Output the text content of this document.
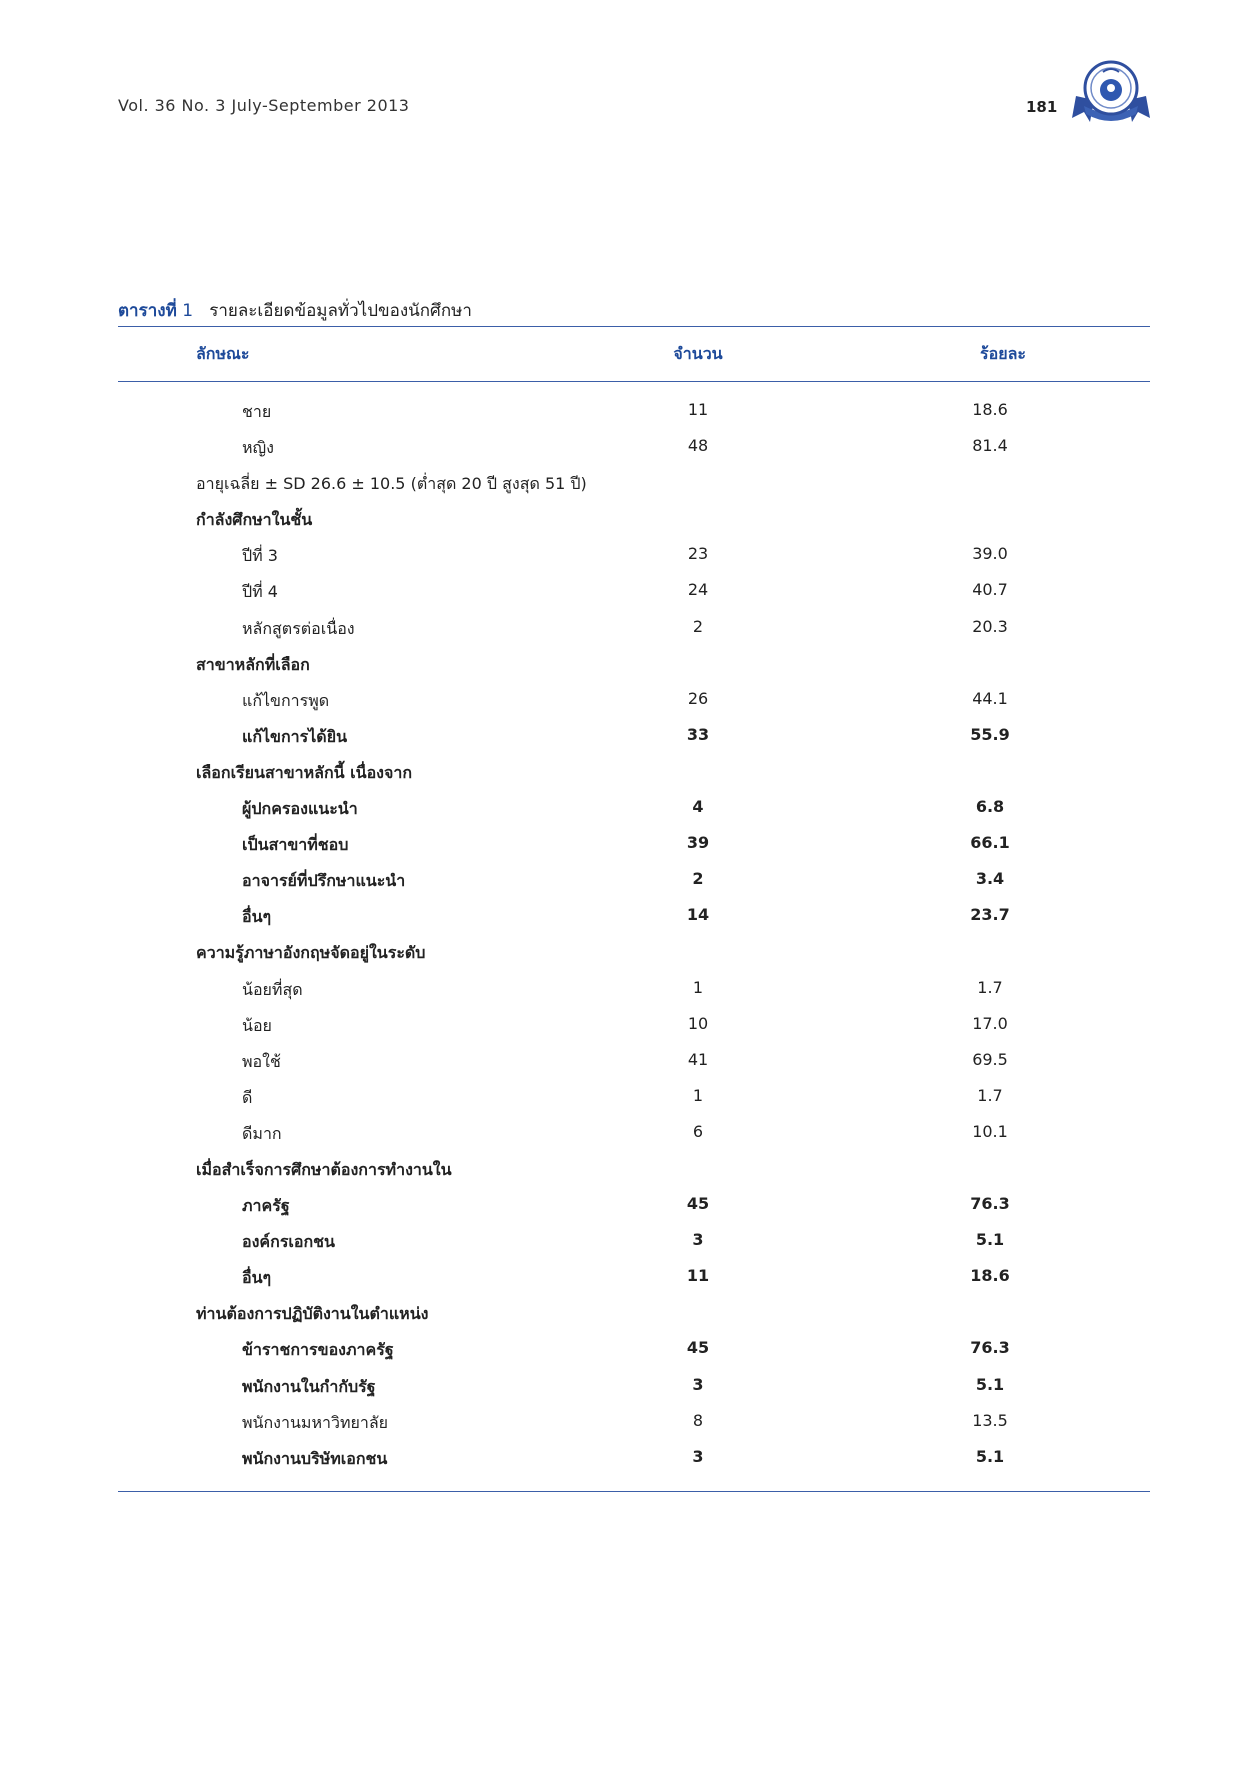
Vol. 36 No. 3 July-September 2013	181
ตารางที่ 1 รายละเอียดข้อมูลทั่วไปของนักศึกษา
ลักษณะ	จำนวน	ร้อยละ
ชาย	11	18.6
หญิง	48	81.4
อายุเฉลี่ย ± SD 26.6 ± 10.5 (ต่ำสุด 20 ปี สูงสุด 51 ปี)
กำลังศึกษาในชั้น
ปีที่ 3	23	39.0
ปีที่ 4	24	40.7
หลักสูตรต่อเนื่อง	2	20.3
สาขาหลักที่เลือก
แก้ไขการพูด	26	44.1
แก้ไขการได้ยิน	33	55.9
เลือกเรียนสาขาหลักนี้ เนื่องจาก
ผู้ปกครองแนะนำ	4	6.8
เป็นสาขาที่ชอบ	39	66.1
อาจารย์ที่ปรึกษาแนะนำ	2	3.4
อื่นๆ	14	23.7
ความรู้ภาษาอังกฤษจัดอยู่ในระดับ
น้อยที่สุด	1	1.7
น้อย	10	17.0
พอใช้	41	69.5
ดี	1	1.7
ดีมาก	6	10.1
เมื่อสำเร็จการศึกษาต้องการทำงานใน
ภาครัฐ	45	76.3
องค์กรเอกชน	3	5.1
อื่นๆ	11	18.6
ท่านต้องการปฏิบัติงานในตำแหน่ง
ข้าราชการของภาครัฐ	45	76.3
พนักงานในกำกับรัฐ	3	5.1
พนักงานมหาวิทยาลัย	8	13.5
พนักงานบริษัทเอกชน	3	5.1
